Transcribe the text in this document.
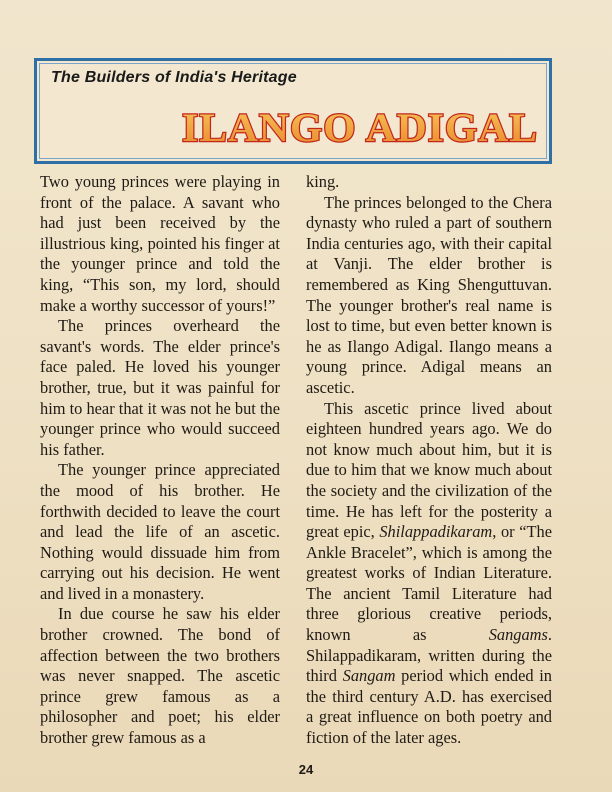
The Builders of India's Heritage
ILANGO ADIGAL

Two young princes were playing in front of the palace. A savant who had just been received by the illustrious king, pointed his finger at the younger prince and told the king, “This son, my lord, should make a worthy successor of yours!”

The princes overheard the savant's words. The elder prince's face paled. He loved his younger brother, true, but it was painful for him to hear that it was not he but the younger prince who would succeed his father.

The younger prince appreciated the mood of his brother. He forthwith decided to leave the court and lead the life of an ascetic. Nothing would dissuade him from carrying out his decision. He went and lived in a monastery.

In due course he saw his elder brother crowned. The bond of affection between the two brothers was never snapped. The ascetic prince grew famous as a philosopher and poet; his elder brother grew famous as a

king.

The princes belonged to the Chera dynasty who ruled a part of southern India centuries ago, with their capital at Vanji. The elder brother is remembered as King Shenguttuvan. The younger brother's real name is lost to time, but even better known is he as Ilango Adigal. Ilango means a young prince. Adigal means an ascetic.

This ascetic prince lived about eighteen hundred years ago. We do not know much about him, but it is due to him that we know much about the society and the civilization of the time. He has left for the posterity a great epic, Shilappadikaram, or “The Ankle Bracelet”, which is among the greatest works of Indian Literature. The ancient Tamil Literature had three glorious creative periods, known as Sangams. Shilappadikaram, written during the third Sangam period which ended in the third century A.D. has exercised a great influence on both poetry and fiction of the later ages.

24
